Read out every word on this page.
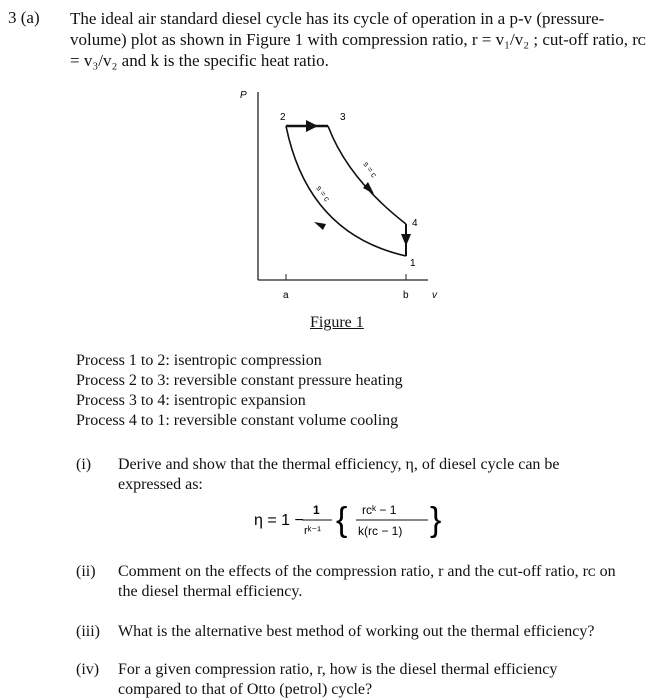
3 (a) The ideal air standard diesel cycle has its cycle of operation in a p-v (pressure-
volume) plot as shown in Figure 1 with compression ratio, r = v₁/v₂ ; cut-off ratio, rᴄ
= v₃/v₂ and k is the specific heat ratio.
P
v
a	b
2	3
4
1
s = c
s = c
Figure 1
Process 1 to 2: isentropic compression
Process 2 to 3: reversible constant pressure heating
Process 3 to 4: isentropic expansion
Process 4 to 1: reversible constant volume cooling
(i) Derive and show that the thermal efficiency, η, of diesel cycle can be
expressed as:
η = 1 −
1
rᵏ⁻¹ { rᴄᵏ − 1
k(rᴄ − 1) }
(ii) Comment on the effects of the compression ratio, r and the cut-off ratio, rᴄ on
the diesel thermal efficiency.
(iii) What is the alternative best method of working out the thermal efficiency?
(iv) For a given compression ratio, r, how is the diesel thermal efficiency
compared to that of Otto (petrol) cycle?
